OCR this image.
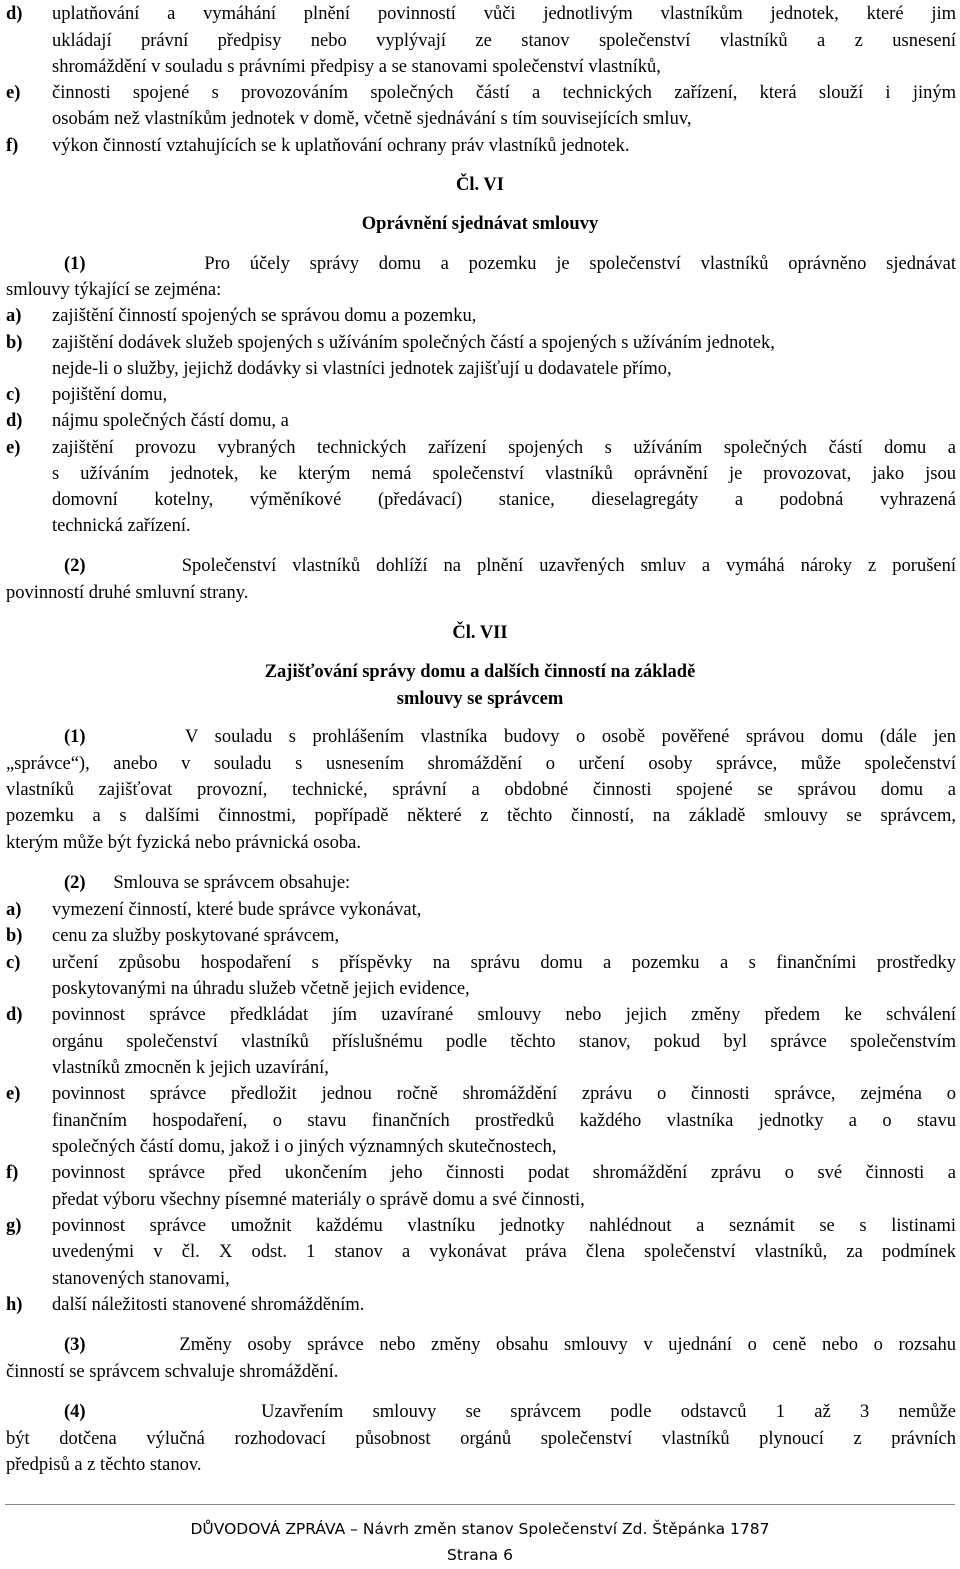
d) uplatňování a vymáhání plnění povinností vůči jednotlivým vlastníkům jednotek, které jim
ukládají právní předpisy nebo vyplývají ze stanov společenství vlastníků a z usnesení
shromáždění v souladu s právními předpisy a se stanovami společenství vlastníků,
e) činnosti spojené s provozováním společných částí a technických zařízení, která slouží i jiným
osobám než vlastníkům jednotek v domě, včetně sjednávání s tím souvisejících smluv,
f) výkon činností vztahujících se k uplatňování ochrany práv vlastníků jednotek.
Čl. VI
Oprávnění sjednávat smlouvy
(1)	Pro účely správy domu a pozemku je společenství vlastníků oprávněno sjednávat
smlouvy týkající se zejména:
a) zajištění činností spojených se správou domu a pozemku,
b) zajištění dodávek služeb spojených s užíváním společných částí a spojených s užíváním jednotek,
nejde-li o služby, jejichž dodávky si vlastníci jednotek zajišťují u dodavatele přímo,
c) pojištění domu,
d) nájmu společných částí domu, a
e) zajištění provozu vybraných technických zařízení spojených s užíváním společných částí domu a
s užíváním jednotek, ke kterým nemá společenství vlastníků oprávnění je provozovat, jako jsou
domovní kotelny, výměníkové (předávací) stanice, dieselagregáty a podobná vyhrazená
technická zařízení.
(2)	Společenství vlastníků dohlíží na plnění uzavřených smluv a vymáhá nároky z porušení
povinností druhé smluvní strany.
Čl. VII
Zajišťování správy domu a dalších činností na základě
smlouvy se správcem
(1)	V souladu s prohlášením vlastníka budovy o osobě pověřené správou domu (dále jen
„správce“), anebo v souladu s usnesením shromáždění o určení osoby správce, může společenství
vlastníků zajišťovat provozní, technické, správní a obdobné činnosti spojené se správou domu a
pozemku a s dalšími činnostmi, popřípadě některé z těchto činností, na základě smlouvy se správcem,
kterým může být fyzická nebo právnická osoba.
(2) Smlouva se správcem obsahuje:
a) vymezení činností, které bude správce vykonávat,
b) cenu za služby poskytované správcem,
c) určení způsobu hospodaření s příspěvky na správu domu a pozemku a s finančními prostředky
poskytovanými na úhradu služeb včetně jejich evidence,
d) povinnost správce předkládat jím uzavírané smlouvy nebo jejich změny předem ke schválení
orgánu společenství vlastníků příslušnému podle těchto stanov, pokud byl správce společenstvím
vlastníků zmocněn k jejich uzavírání,
e) povinnost správce předložit jednou ročně shromáždění zprávu o činnosti správce, zejména o
finančním hospodaření, o stavu finančních prostředků každého vlastníka jednotky a o stavu
společných částí domu, jakož i o jiných významných skutečnostech,
f) povinnost správce před ukončením jeho činnosti podat shromáždění zprávu o své činnosti a
předat výboru všechny písemné materiály o správě domu a své činnosti,
g) povinnost správce umožnit každému vlastníku jednotky nahlédnout a seznámit se s listinami
uvedenými v čl. X odst. 1 stanov a vykonávat práva člena společenství vlastníků, za podmínek
stanovených stanovami,
h) další náležitosti stanovené shromážděním.
(3)	Změny osoby správce nebo změny obsahu smlouvy v ujednání o ceně nebo o rozsahu
činností se správcem schvaluje shromáždění.
(4)	Uzavřením smlouvy se správcem podle odstavců 1 až 3 nemůže
být dotčena výlučná rozhodovací působnost orgánů společenství vlastníků plynoucí z právních
předpisů a z těchto stanov.
DŮVODOVÁ ZPRÁVA – Návrh změn stanov Společenství Zd. Štěpánka 1787
Strana 6
